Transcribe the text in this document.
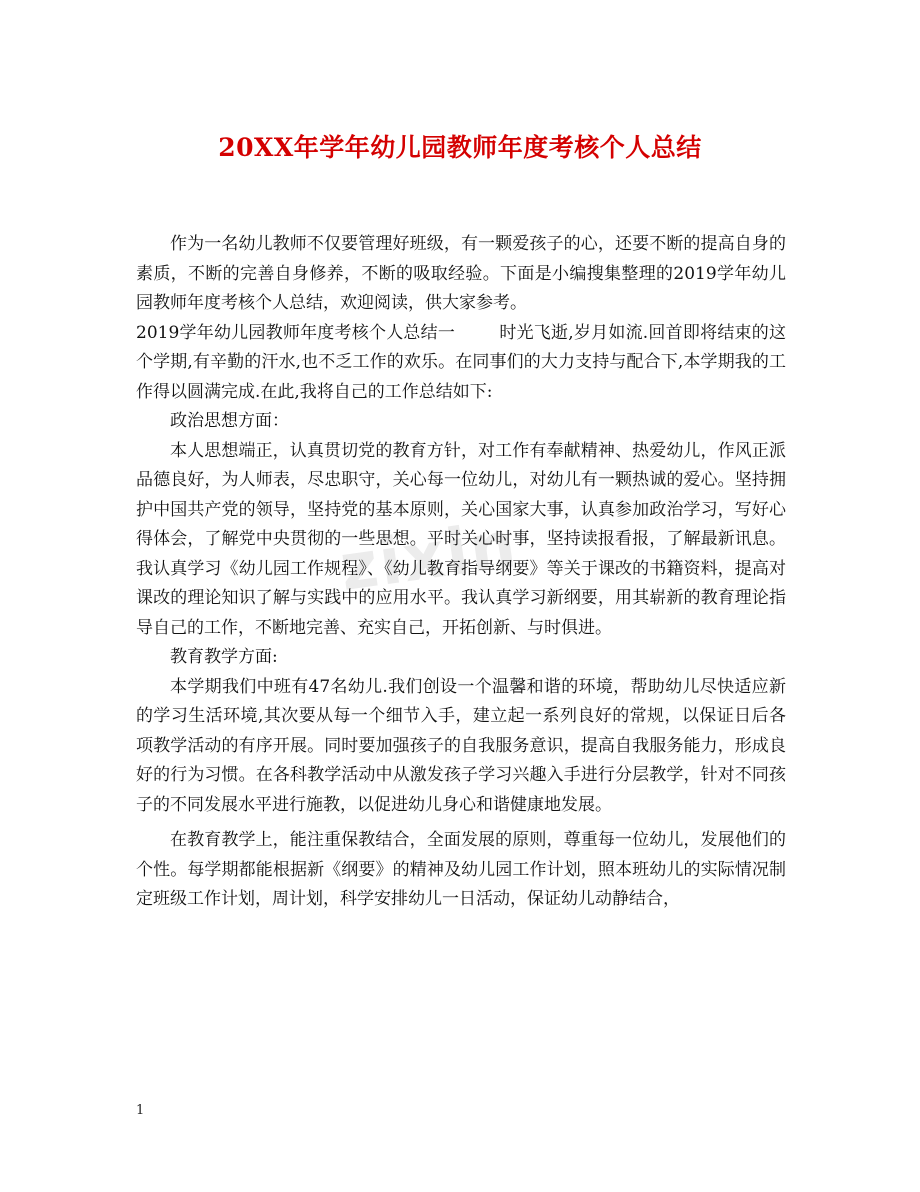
20XX年学年幼儿园教师年度考核个人总结
zixin

作为一名幼儿教师不仅要管理好班级，有一颗爱孩子的心，还要不断的提高自身的素质，不断的完善自身修养，不断的吸取经验。下面是小编搜集整理的2019学年幼儿园教师年度考核个人总结，欢迎阅读，供大家参考。

2019学年幼儿园教师年度考核个人总结一	时光飞逝,岁月如流.回首即将结束的这个学期,有辛勤的汗水,也不乏工作的欢乐。在同事们的大力支持与配合下,本学期我的工作得以圆满完成.在此,我将自己的工作总结如下:

政治思想方面：

本人思想端正，认真贯切党的教育方针，对工作有奉献精神、热爱幼儿，作风正派品德良好，为人师表，尽忠职守，关心每一位幼儿，对幼儿有一颗热诚的爱心。坚持拥护中国共产党的领导，坚持党的基本原则，关心国家大事，认真参加政治学习，写好心得体会，了解党中央贯彻的一些思想。平时关心时事，坚持读报看报，了解最新讯息。我认真学习《幼儿园工作规程》、《幼儿教育指导纲要》等关于课改的书籍资料，提高对课改的理论知识了解与实践中的应用水平。我认真学习新纲要，用其崭新的教育理论指导自己的工作，不断地完善、充实自己，开拓创新、与时俱进。

教育教学方面:

本学期我们中班有47名幼儿.我们创设一个温馨和谐的环境，帮助幼儿尽快适应新的学习生活环境,其次要从每一个细节入手，建立起一系列良好的常规，以保证日后各项教学活动的有序开展。同时要加强孩子的自我服务意识，提高自我服务能力，形成良好的行为习惯。在各科教学活动中从激发孩子学习兴趣入手进行分层教学，针对不同孩子的不同发展水平进行施教，以促进幼儿身心和谐健康地发展。

在教育教学上，能注重保教结合，全面发展的原则，尊重每一位幼儿，发展他们的个性。每学期都能根据新《纲要》的精神及幼儿园工作计划，照本班幼儿的实际情况制定班级工作计划，周计划，科学安排幼儿一日活动，保证幼儿动静结合，

1
